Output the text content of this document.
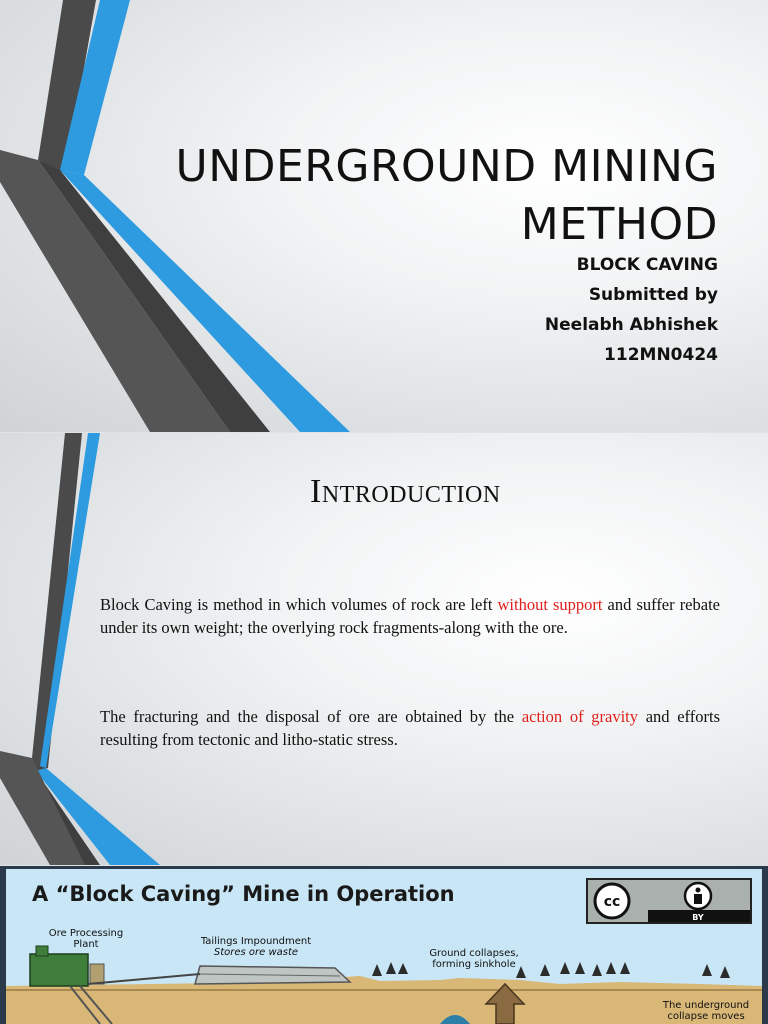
UNDERGROUND MINING
METHOD
BLOCK CAVING
Submitted by
Neelabh Abhishek
112MN0424
INTRODUCTION

Block Caving is method in which volumes of rock are left without support and suffer rebate under its own weight; the overlying rock fragments-along with the ore.

The fracturing and the disposal of ore are obtained by the action of gravity and efforts resulting from tectonic and litho-static stress.

A “Block Caving” Mine in Operation	cc
BY
Ore Processing
Plant	Tailings Impoundment
Stores ore waste	Ground collapses,
forming sinkhole
The underground
collapse moves
